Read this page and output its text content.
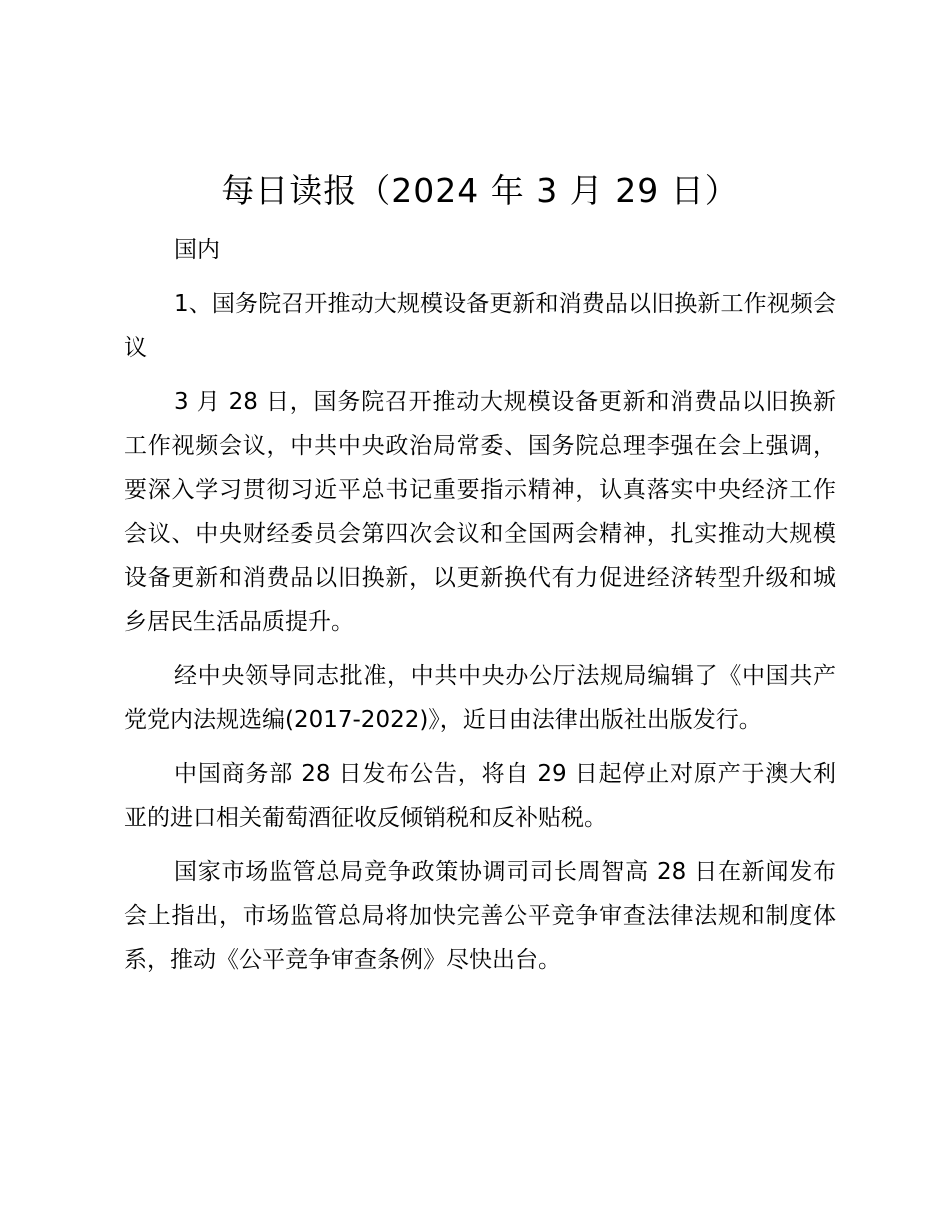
每日读报（2024 年 3 月 29 日）

国内

1、国务院召开推动大规模设备更新和消费品以旧换新工作视频会议

3 月 28 日，国务院召开推动大规模设备更新和消费品以旧换新工作视频会议，中共中央政治局常委、国务院总理李强在会上强调，要深入学习贯彻习近平总书记重要指示精神，认真落实中央经济工作会议、中央财经委员会第四次会议和全国两会精神，扎实推动大规模设备更新和消费品以旧换新，以更新换代有力促进经济转型升级和城乡居民生活品质提升。

经中央领导同志批准，中共中央办公厅法规局编辑了《中国共产党党内法规选编(2017-2022)》，近日由法律出版社出版发行。

中国商务部 28 日发布公告，将自 29 日起停止对原产于澳大利亚的进口相关葡萄酒征收反倾销税和反补贴税。

国家市场监管总局竞争政策协调司司长周智高 28 日在新闻发布会上指出，市场监管总局将加快完善公平竞争审查法律法规和制度体系，推动《公平竞争审查条例》尽快出台。
